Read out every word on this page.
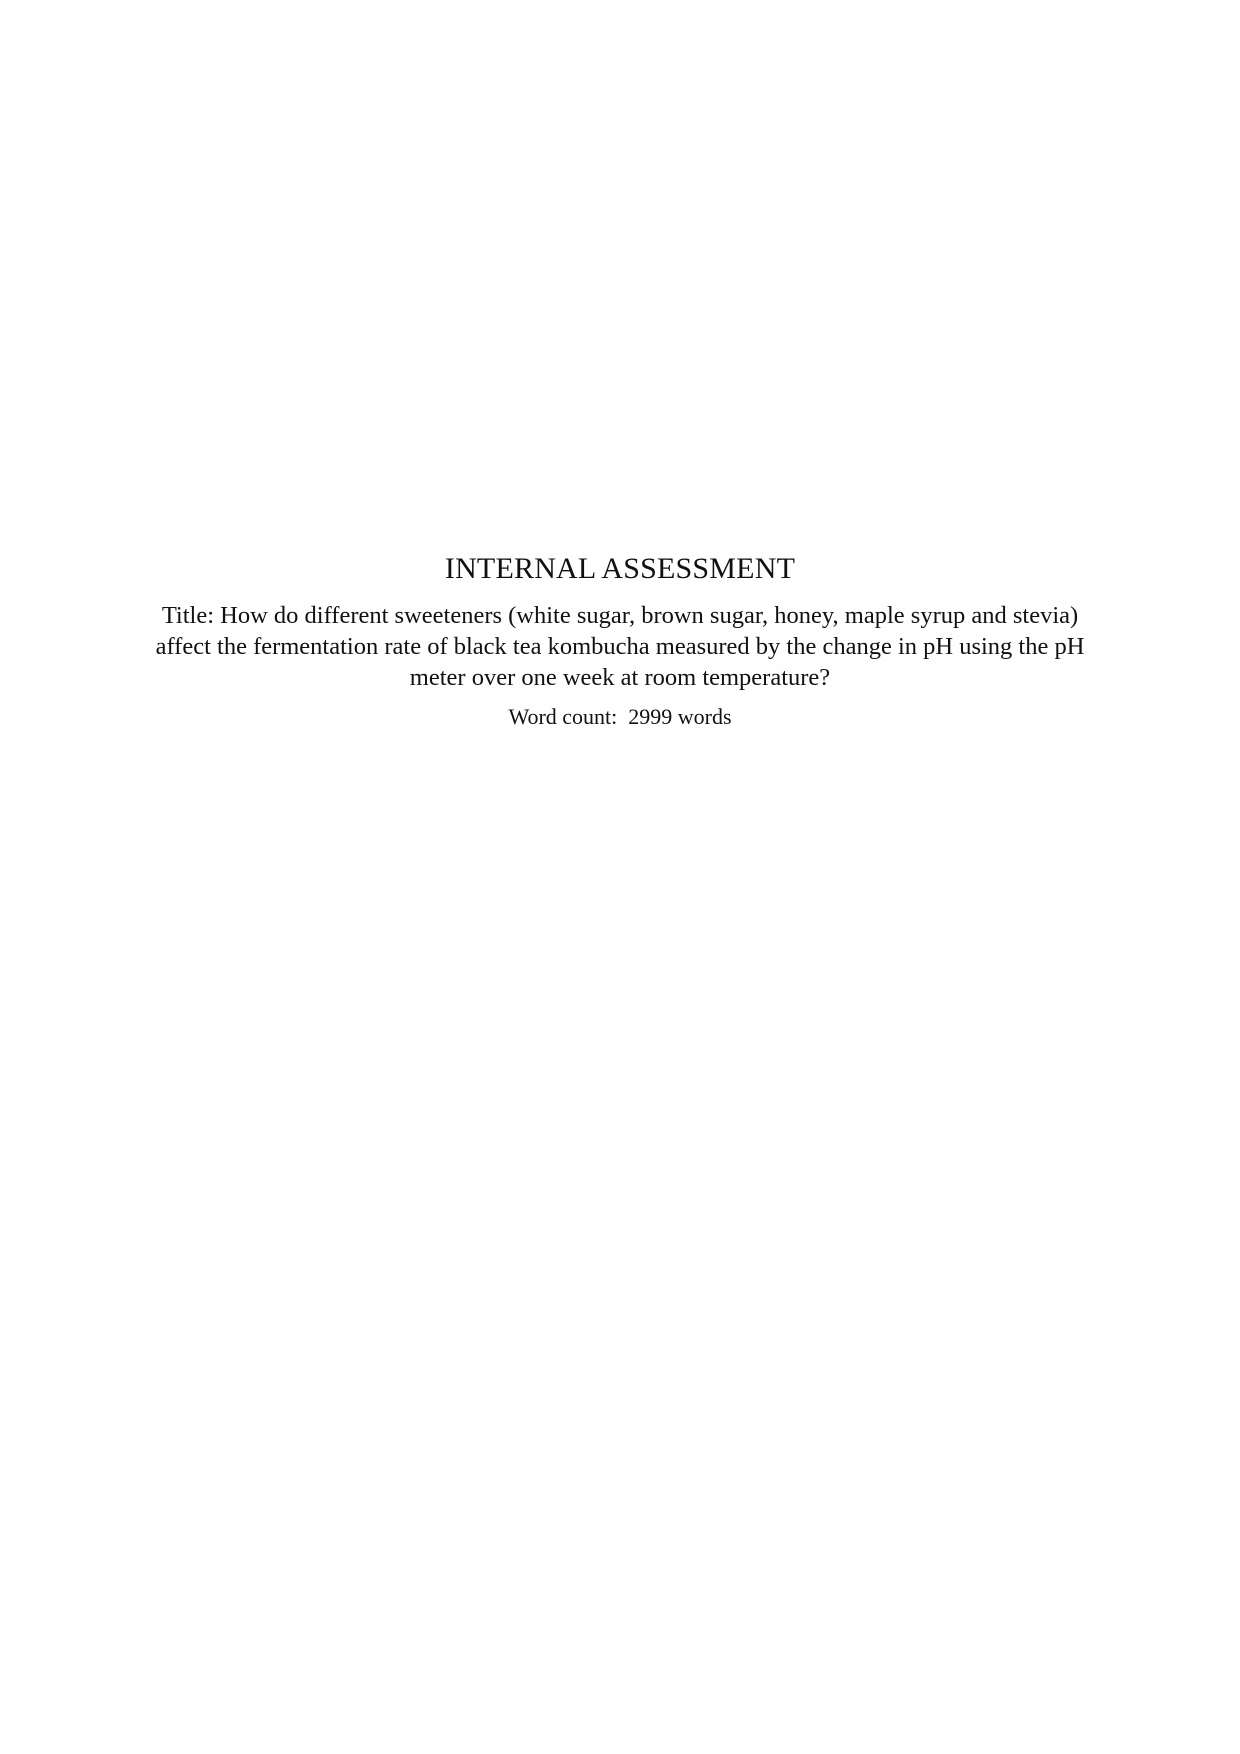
INTERNAL ASSESSMENT

Title: How do different sweeteners (white sugar, brown sugar, honey, maple syrup and stevia) affect the fermentation rate of black tea kombucha measured by the change in pH using the pH meter over one week at room temperature?

Word count:  2999 words
